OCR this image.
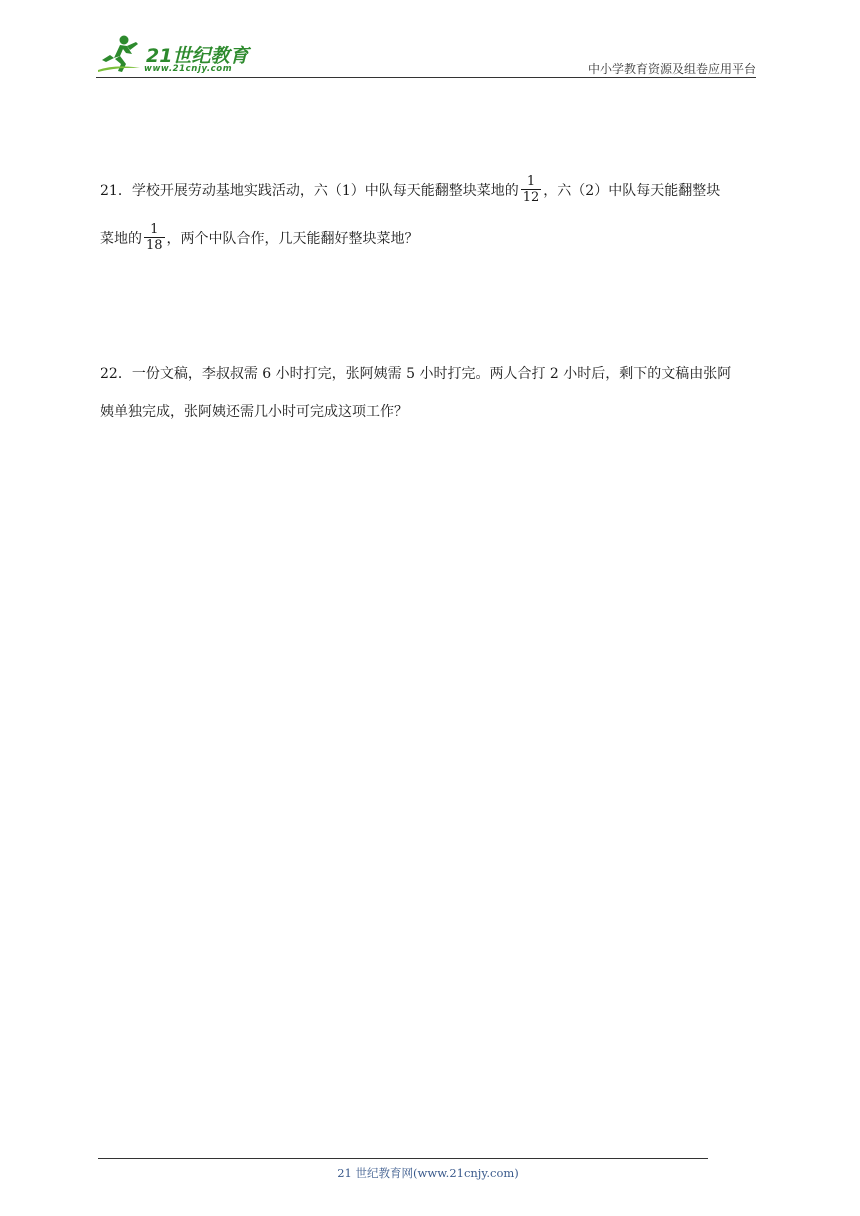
21世纪教育
www.21cnjy.com	中小学教育资源及组卷应用平台
21．学校开展劳动基地实践活动，六（1）中队每天能翻整块菜地的 $\frac{1}{12}$ ，六（2）中队每天能翻整块
菜地的 $\frac{1}{18}$ ，两个中队合作，几天能翻好整块菜地？
22．一份文稿，李叔叔需 6 小时打完，张阿姨需 5 小时打完。两人合打 2 小时后，剩下的文稿由张阿
姨单独完成，张阿姨还需几小时可完成这项工作？
21 世纪教育网(www.21cnjy.com)
